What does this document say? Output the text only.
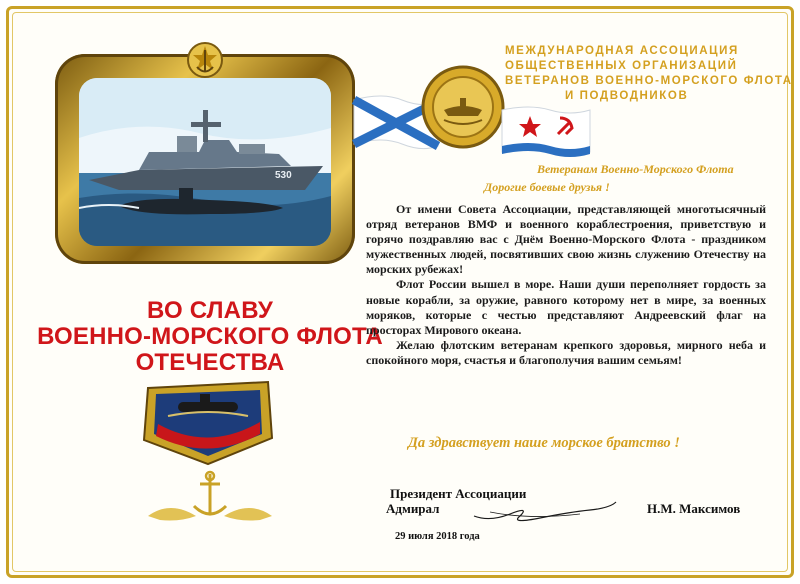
530
ВО СЛАВУ
ВОЕННО-МОРСКОГО ФЛОТА
ОТЕЧЕСТВА
МЕЖДУНАРОДНАЯ АССОЦИАЦИЯ
ОБЩЕСТВЕННЫХ ОРГАНИЗАЦИЙ
ВЕТЕРАНОВ ВОЕННО-МОРСКОГО ФЛОТА
И ПОДВОДНИКОВ
Ветеранам Военно-Морского Флота
Дорогие боевые друзья !

От имени Совета Ассоциации, представляющей многотысячный отряд ветеранов ВМФ и военного кораблестроения, приветствую и горячо поздравляю вас с Днём Военно-Морского Флота - праздником мужественных людей, посвятивших свою жизнь служению Отечеству на морских рубежах!

Флот России вышел в море. Наши души переполняет гордость за новые корабли, за оружие, равного которому нет в мире, за военных моряков, которые с честью представляют Андреевский флаг на просторах Мирового океана.

Желаю флотским ветеранам крепкого здоровья, мирного неба и спокойного моря, счастья и благополучия вашим семьям!

Да здравствует наше морское братство !
Президент Ассоциации
Адмирал	Н.М. Максимов
29 июля 2018 года
